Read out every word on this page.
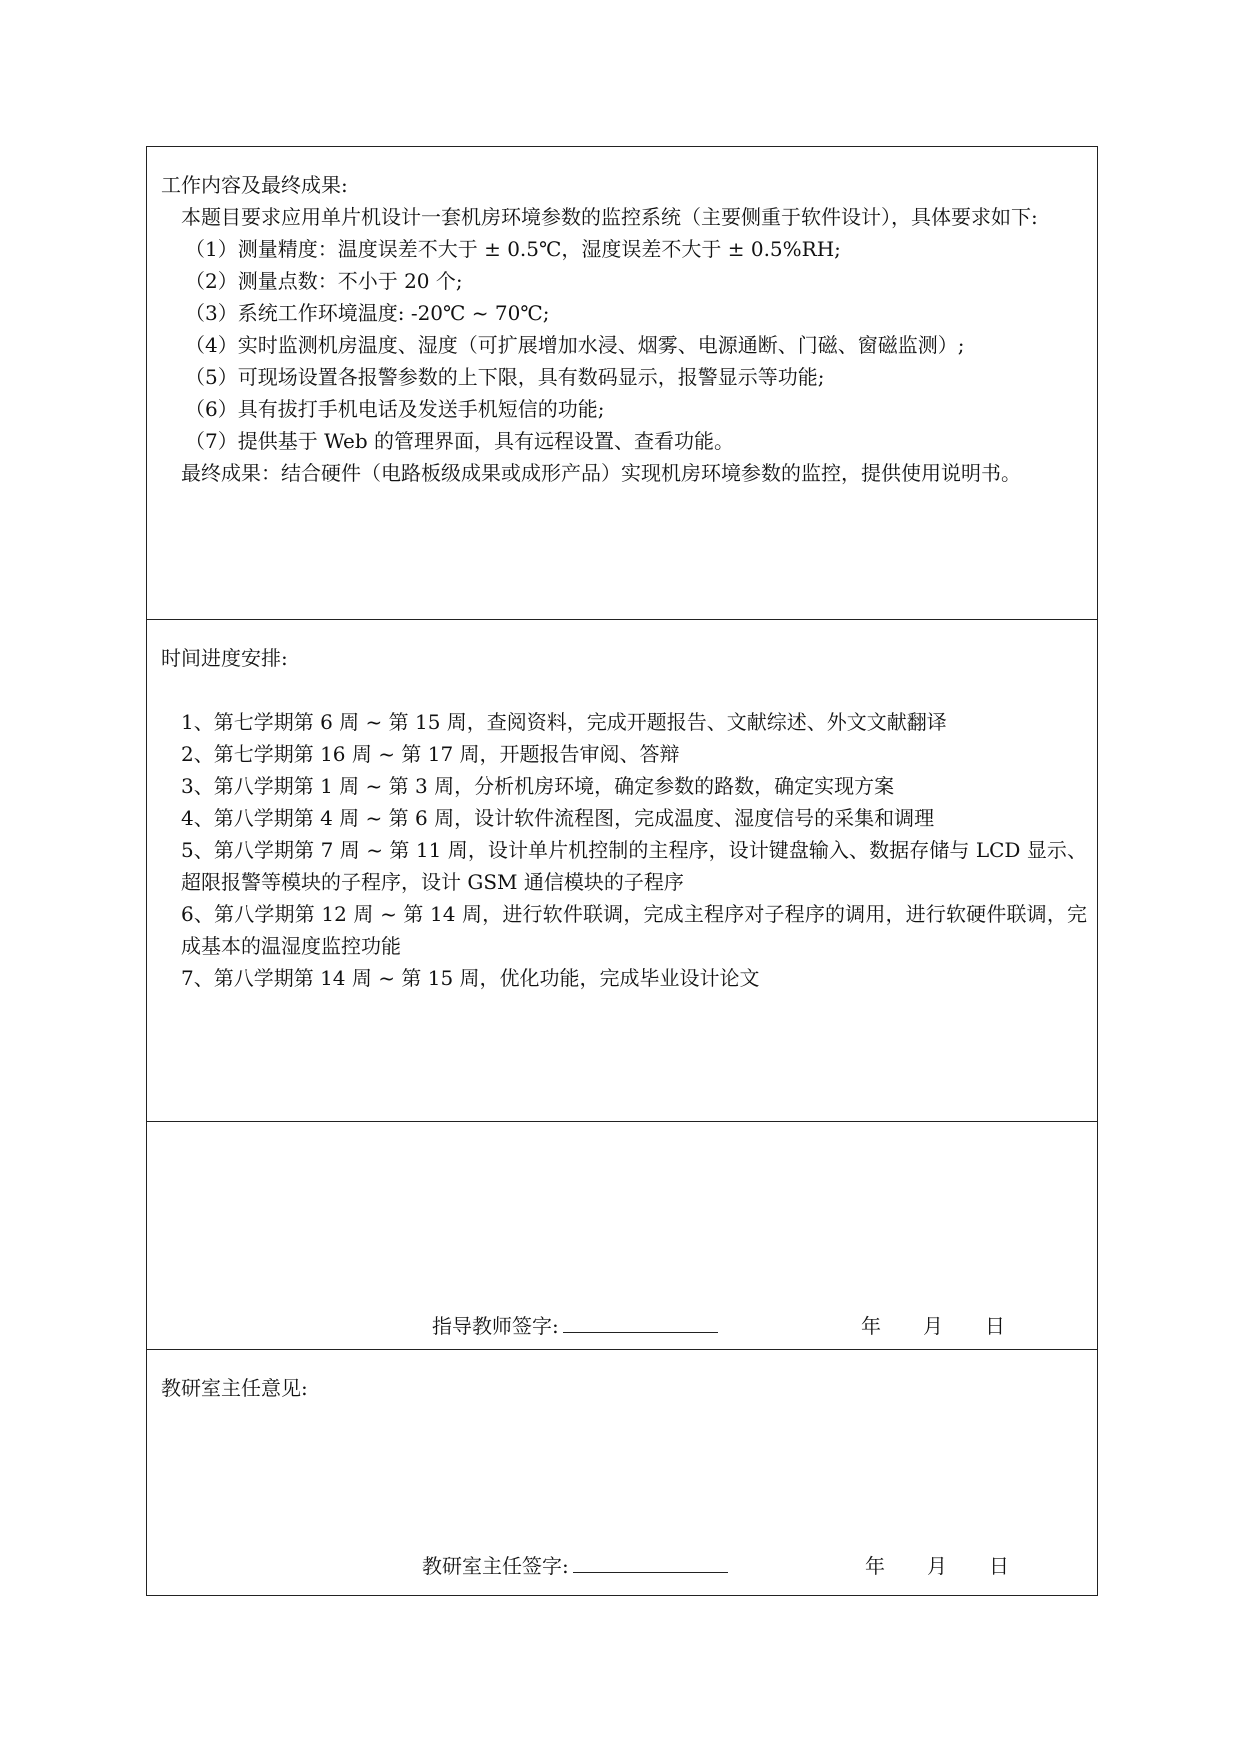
工作内容及最终成果:
本题目要求应用单片机设计一套机房环境参数的监控系统（主要侧重于软件设计），具体要求如下:
（1）测量精度：温度误差不大于 ± 0.5℃，湿度误差不大于 ± 0.5%RH;
（2）测量点数：不小于 20 个;
（3）系统工作环境温度: -20℃ ~ 70℃;
（4）实时监测机房温度、湿度（可扩展增加水浸、烟雾、电源通断、门磁、窗磁监测）;
（5）可现场设置各报警参数的上下限，具有数码显示，报警显示等功能;
（6）具有拔打手机电话及发送手机短信的功能;
（7）提供基于 Web 的管理界面，具有远程设置、查看功能。
最终成果：结合硬件（电路板级成果或成形产品）实现机房环境参数的监控，提供使用说明书。
时间进度安排:
1、第七学期第 6 周 ~ 第 15 周，查阅资料，完成开题报告、文献综述、外文文献翻译
2、第七学期第 16 周 ~ 第 17 周，开题报告审阅、答辩
3、第八学期第 1 周 ~ 第 3 周，分析机房环境，确定参数的路数，确定实现方案
4、第八学期第 4 周 ~ 第 6 周，设计软件流程图，完成温度、湿度信号的采集和调理
5、第八学期第 7 周 ~ 第 11 周，设计单片机控制的主程序，设计键盘输入、数据存储与 LCD 显示、超限报警等模块的子程序，设计 GSM 通信模块的子程序
6、第八学期第 12 周 ~ 第 14 周，进行软件联调，完成主程序对子程序的调用，进行软硬件联调，完成基本的温湿度监控功能
7、第八学期第 14 周 ~ 第 15 周，优化功能，完成毕业设计论文
指导教师签字:	年 月 日
教研室主任意见:
教研室主任签字:	年 月 日
